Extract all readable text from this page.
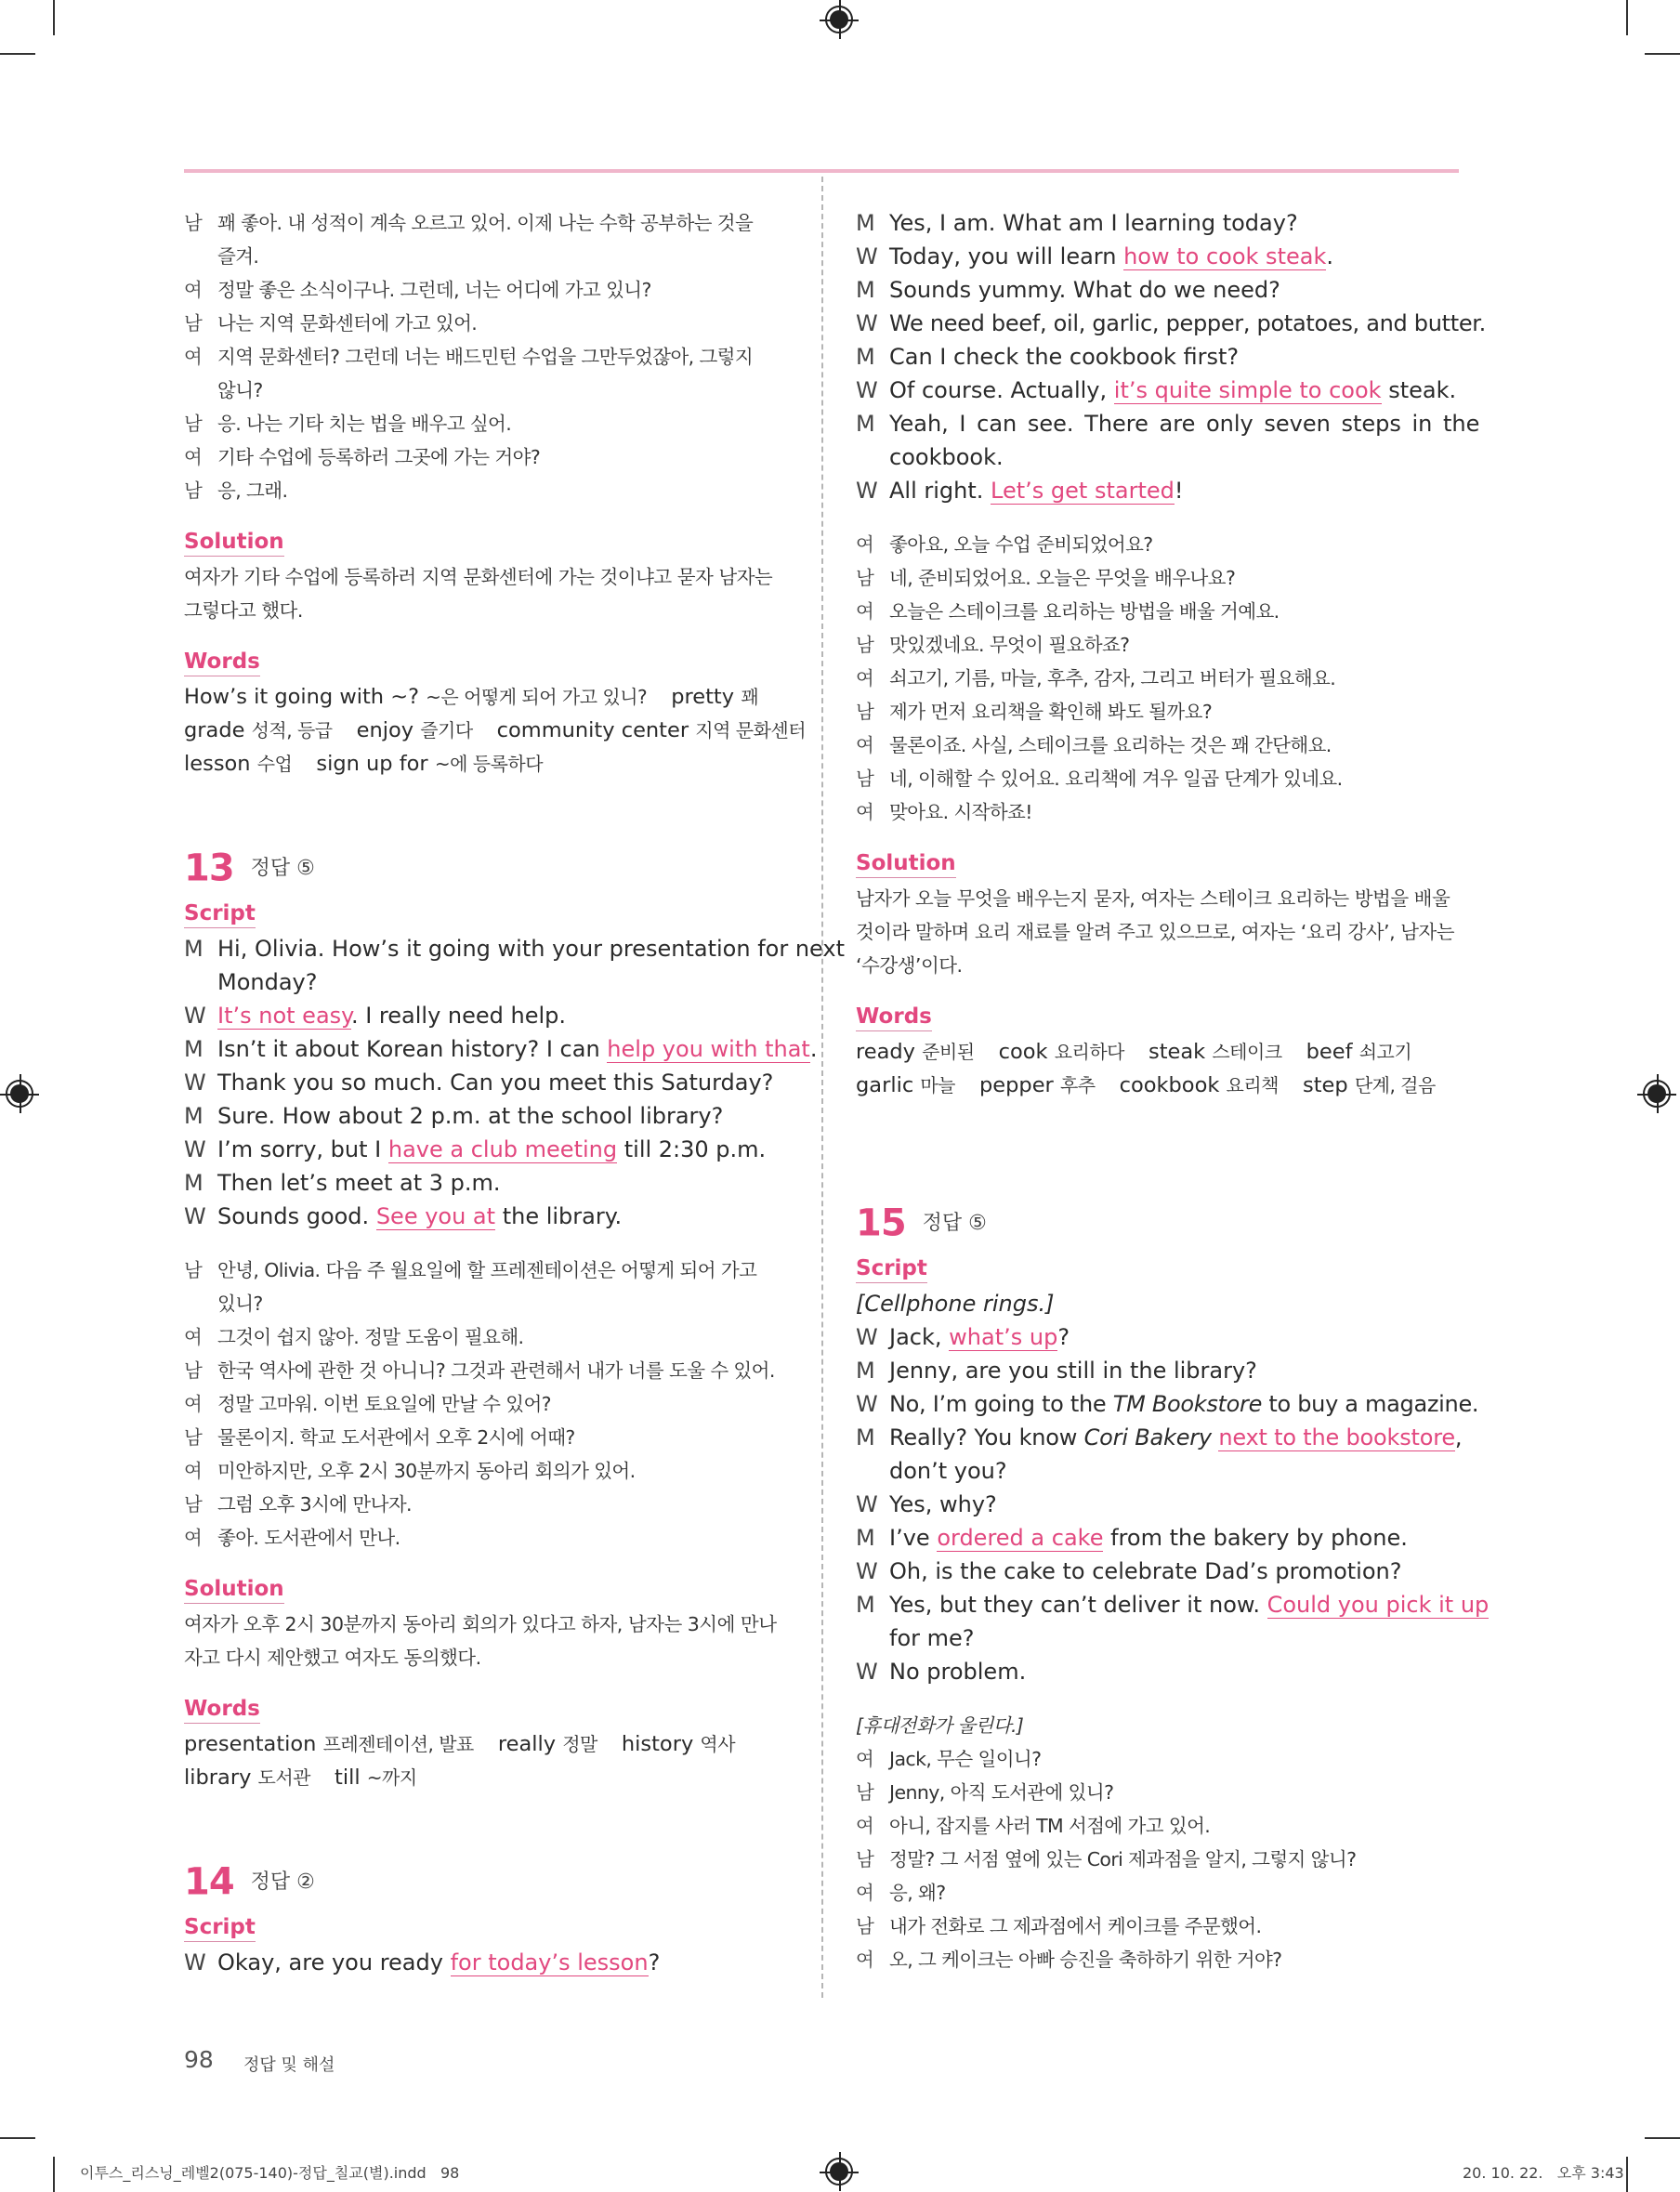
남 꽤 좋아. 내 성적이 계속 오르고 있어. 이제 나는 수학 공부하는 것을
즐겨.
여 정말 좋은 소식이구나. 그런데, 너는 어디에 가고 있니?
남 나는 지역 문화센터에 가고 있어.
여 지역 문화센터? 그런데 너는 배드민턴 수업을 그만두었잖아, 그렇지
않니?
남 응. 나는 기타 치는 법을 배우고 싶어.
여 기타 수업에 등록하러 그곳에 가는 거야?
남 응, 그래.
Solution
여자가 기타 수업에 등록하러 지역 문화센터에 가는 것이냐고 묻자 남자는 그렇다고 했다.
Words
How’s it going with ~? ~은 어떻게 되어 가고 있니? pretty 꽤
grade 성적, 등급 enjoy 즐기다 community center 지역 문화센터
lesson 수업 sign up for ~에 등록하다
13 정답 ⑤
Script
M Hi, Olivia. How’s it going with your presentation for next
Monday?
W It’s not easy. I really need help.
M Isn’t it about Korean history? I can help you with that.
W Thank you so much. Can you meet this Saturday?
M Sure. How about 2 p.m. at the school library?
W I’m sorry, but I have a club meeting till 2:30 p.m.
M Then let’s meet at 3 p.m.
W Sounds good. See you at the library.
남 안녕, Olivia. 다음 주 월요일에 할 프레젠테이션은 어떻게 되어 가고
있니?
여 그것이 쉽지 않아. 정말 도움이 필요해.
남 한국 역사에 관한 것 아니니? 그것과 관련해서 내가 너를 도울 수 있어.
여 정말 고마워. 이번 토요일에 만날 수 있어?
남 물론이지. 학교 도서관에서 오후 2시에 어때?
여 미안하지만, 오후 2시 30분까지 동아리 회의가 있어.
남 그럼 오후 3시에 만나자.
여 좋아. 도서관에서 만나.
Solution
여자가 오후 2시 30분까지 동아리 회의가 있다고 하자, 남자는 3시에 만나자고 다시 제안했고 여자도 동의했다.
Words
presentation 프레젠테이션, 발표 really 정말 history 역사
library 도서관 till ~까지
14 정답 ②
Script
W Okay, are you ready for today’s lesson?
M Yes, I am. What am I learning today?
W Today, you will learn how to cook steak.
M Sounds yummy. What do we need?
W We need beef, oil, garlic, pepper, potatoes, and butter.
M Can I check the cookbook first?
W Of course. Actually, it’s quite simple to cook steak.
M Yeah, I can see. There are only seven steps in the
cookbook.
W All right. Let’s get started!
여 좋아요, 오늘 수업 준비되었어요?
남 네, 준비되었어요. 오늘은 무엇을 배우나요?
여 오늘은 스테이크를 요리하는 방법을 배울 거예요.
남 맛있겠네요. 무엇이 필요하죠?
여 쇠고기, 기름, 마늘, 후추, 감자, 그리고 버터가 필요해요.
남 제가 먼저 요리책을 확인해 봐도 될까요?
여 물론이죠. 사실, 스테이크를 요리하는 것은 꽤 간단해요.
남 네, 이해할 수 있어요. 요리책에 겨우 일곱 단계가 있네요.
여 맞아요. 시작하죠!
Solution
남자가 오늘 무엇을 배우는지 묻자, 여자는 스테이크 요리하는 방법을 배울 것이라 말하며 요리 재료를 알려 주고 있으므로, 여자는 ‘요리 강사’, 남자는 ‘수강생’이다.
Words
ready 준비된 cook 요리하다 steak 스테이크 beef 쇠고기
garlic 마늘 pepper 후추 cookbook 요리책 step 단계, 걸음
15 정답 ⑤
Script
[Cellphone rings.]
W Jack, what’s up?
M Jenny, are you still in the library?
W No, I’m going to the TM Bookstore to buy a magazine.
M Really? You know Cori Bakery next to the bookstore,
don’t you?
W Yes, why?
M I’ve ordered a cake from the bakery by phone.
W Oh, is the cake to celebrate Dad’s promotion?
M Yes, but they can’t deliver it now. Could you pick it up
for me?
W No problem.
[휴대전화가 울린다.]
여 Jack, 무슨 일이니?
남 Jenny, 아직 도서관에 있니?
여 아니, 잡지를 사러 TM 서점에 가고 있어.
남 정말? 그 서점 옆에 있는 Cori 제과점을 알지, 그렇지 않니?
여 응, 왜?
남 내가 전화로 그 제과점에서 케이크를 주문했어.
여 오, 그 케이크는 아빠 승진을 축하하기 위한 거야?
98 정답 및 해설
이투스_리스닝_레벨2(075-140)-정답_칠교(별).indd   98	20. 10. 22.   오후 3:43
